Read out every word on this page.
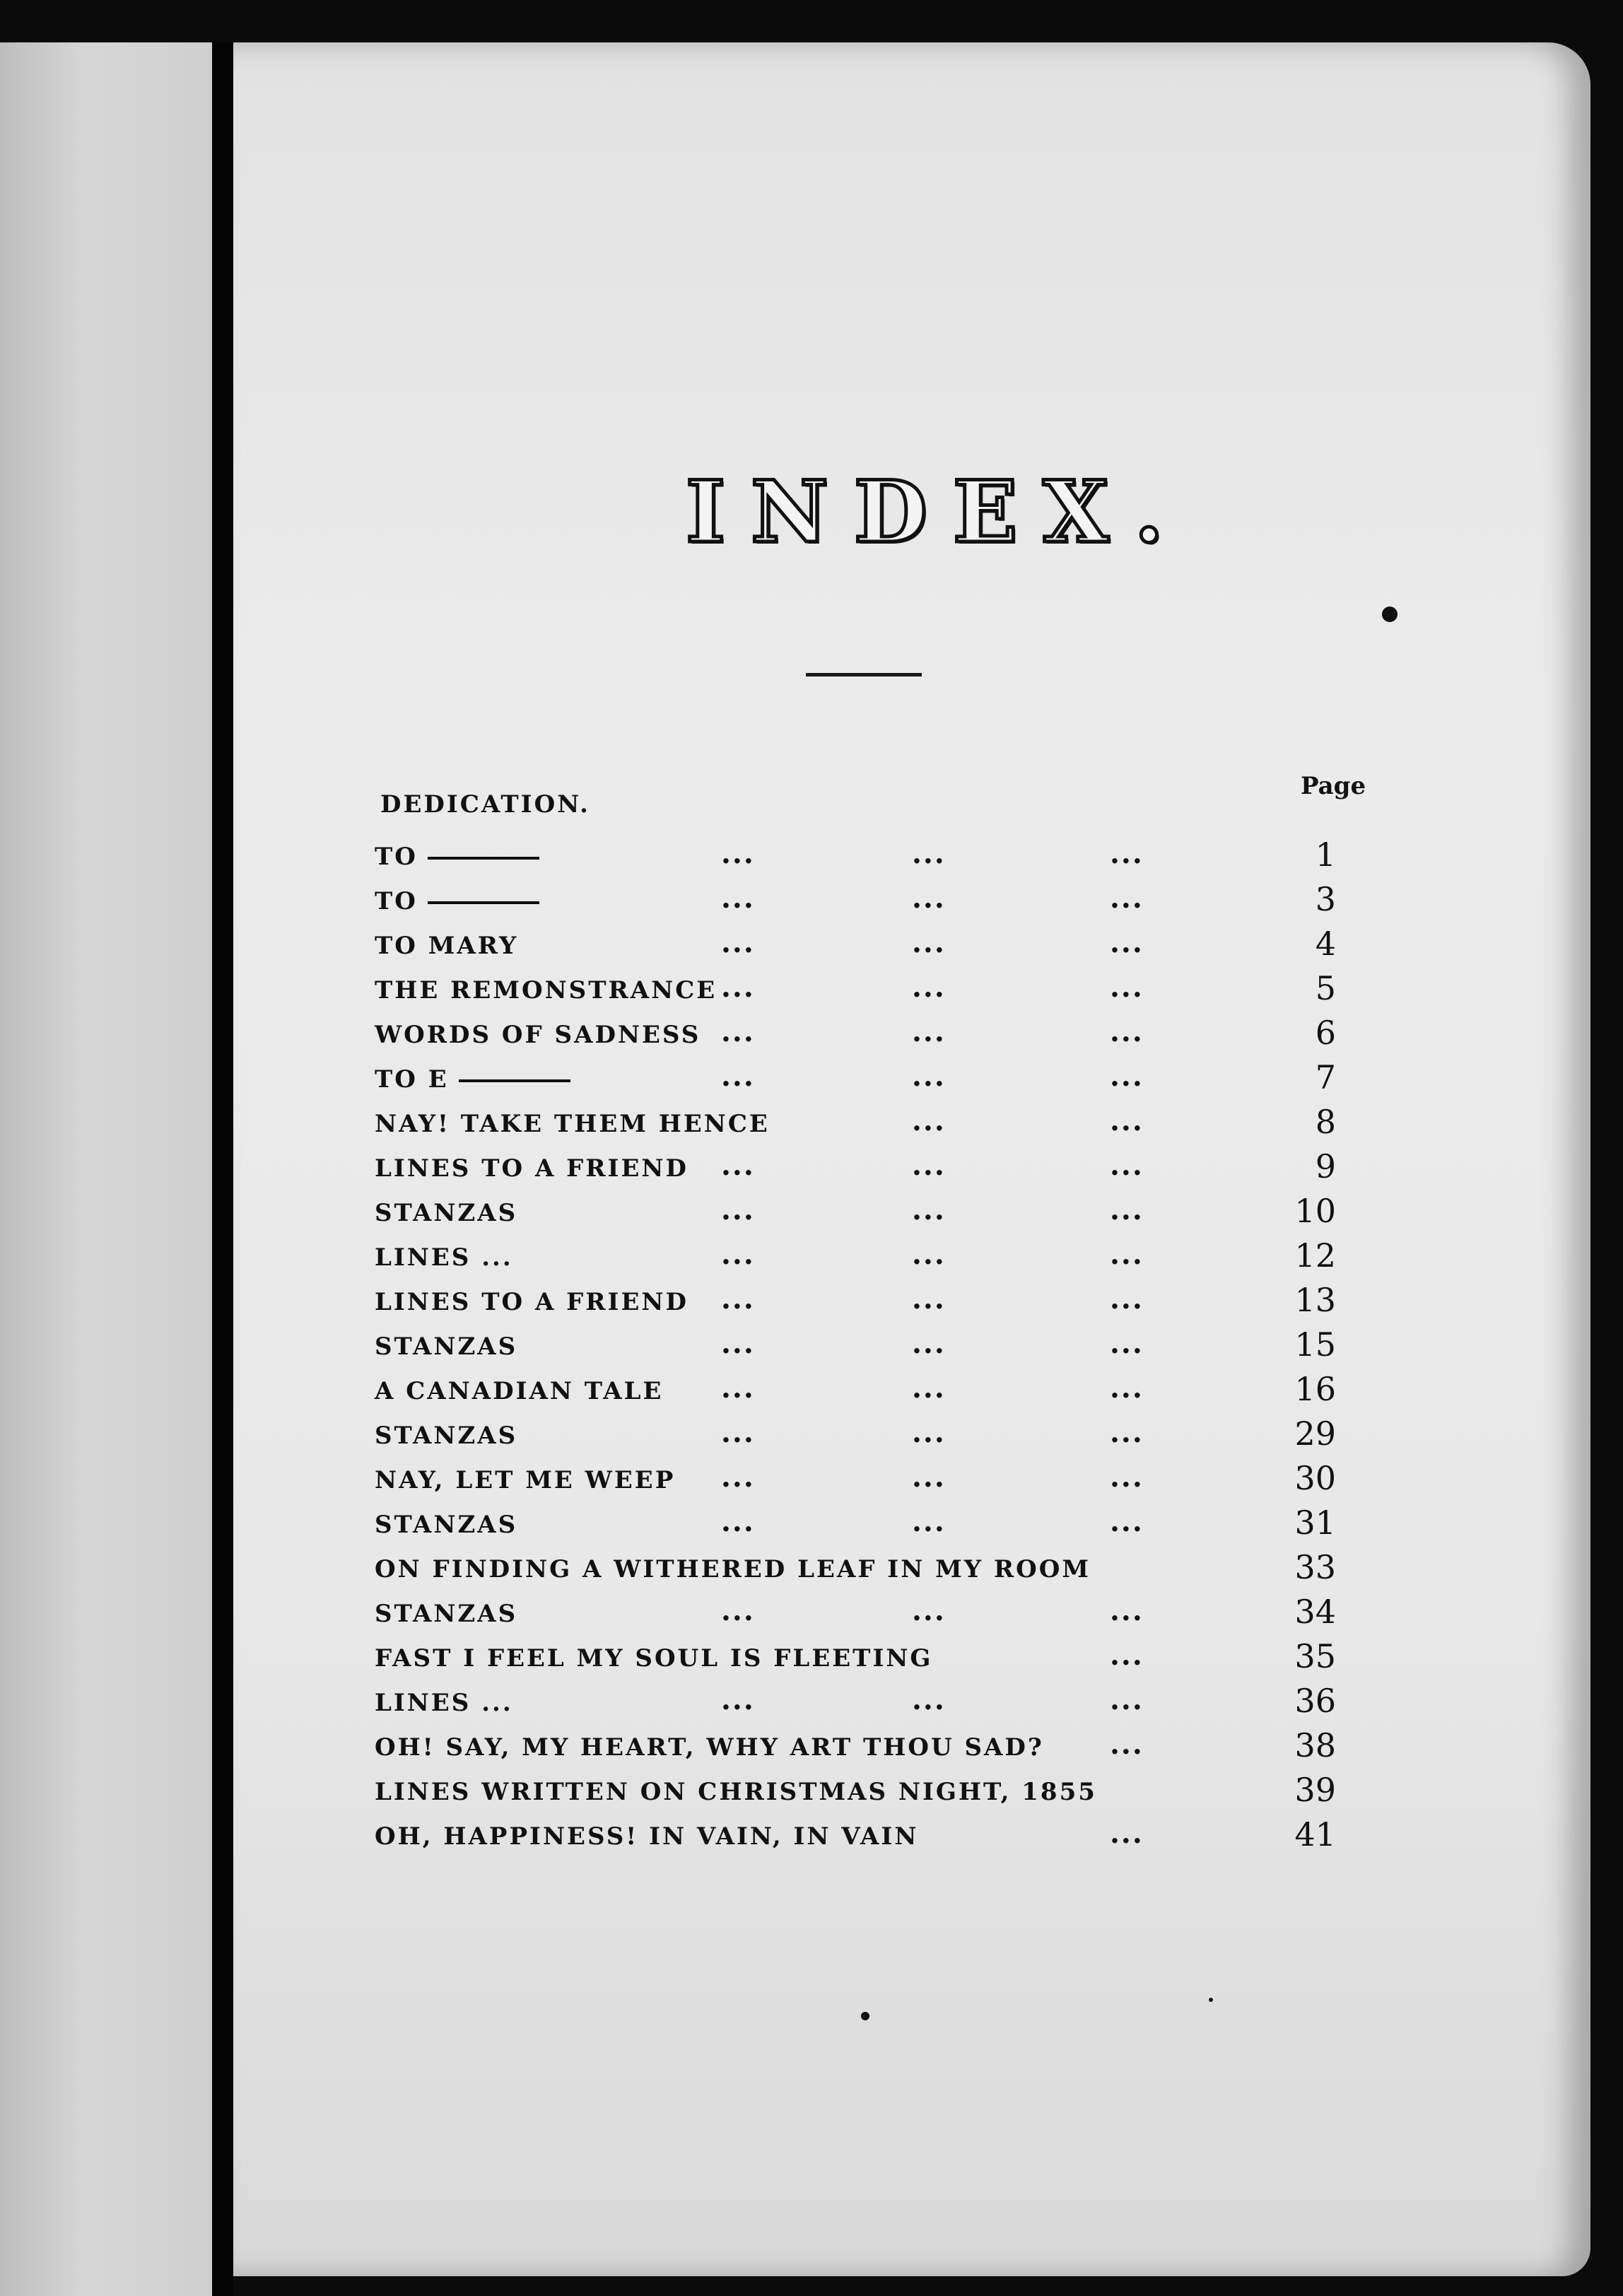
INDEX.
Page
DEDICATION.
TO	...	...	...	1
TO	...	...	...	3
TO MARY	...	...	...	4
THE REMONSTRANCE ...	...	...	5
WORDS OF SADNESS ...	...	...	6
TO E	...	...	...	7
NAY! TAKE THEM HENCE	...	...	8
LINES TO A FRIEND ...	...	...	9
STANZAS	...	...	...	10
LINES ...	...	...	...	12
LINES TO A FRIEND ...	...	...	13
STANZAS	...	...	...	15
A CANADIAN TALE ...	...	...	16
STANZAS	...	...	...	29
NAY, LET ME WEEP ...	...	...	30
STANZAS	...	...	...	31
ON FINDING A WITHERED LEAF IN MY ROOM	33
STANZAS	...	...	...	34
FAST I FEEL MY SOUL IS FLEETING	...	35
LINES ...	...	...	...	36
OH! SAY, MY HEART, WHY ART THOU SAD? ...	38
LINES WRITTEN ON CHRISTMAS NIGHT, 1855	39
OH, HAPPINESS! IN VAIN, IN VAIN	...	41
